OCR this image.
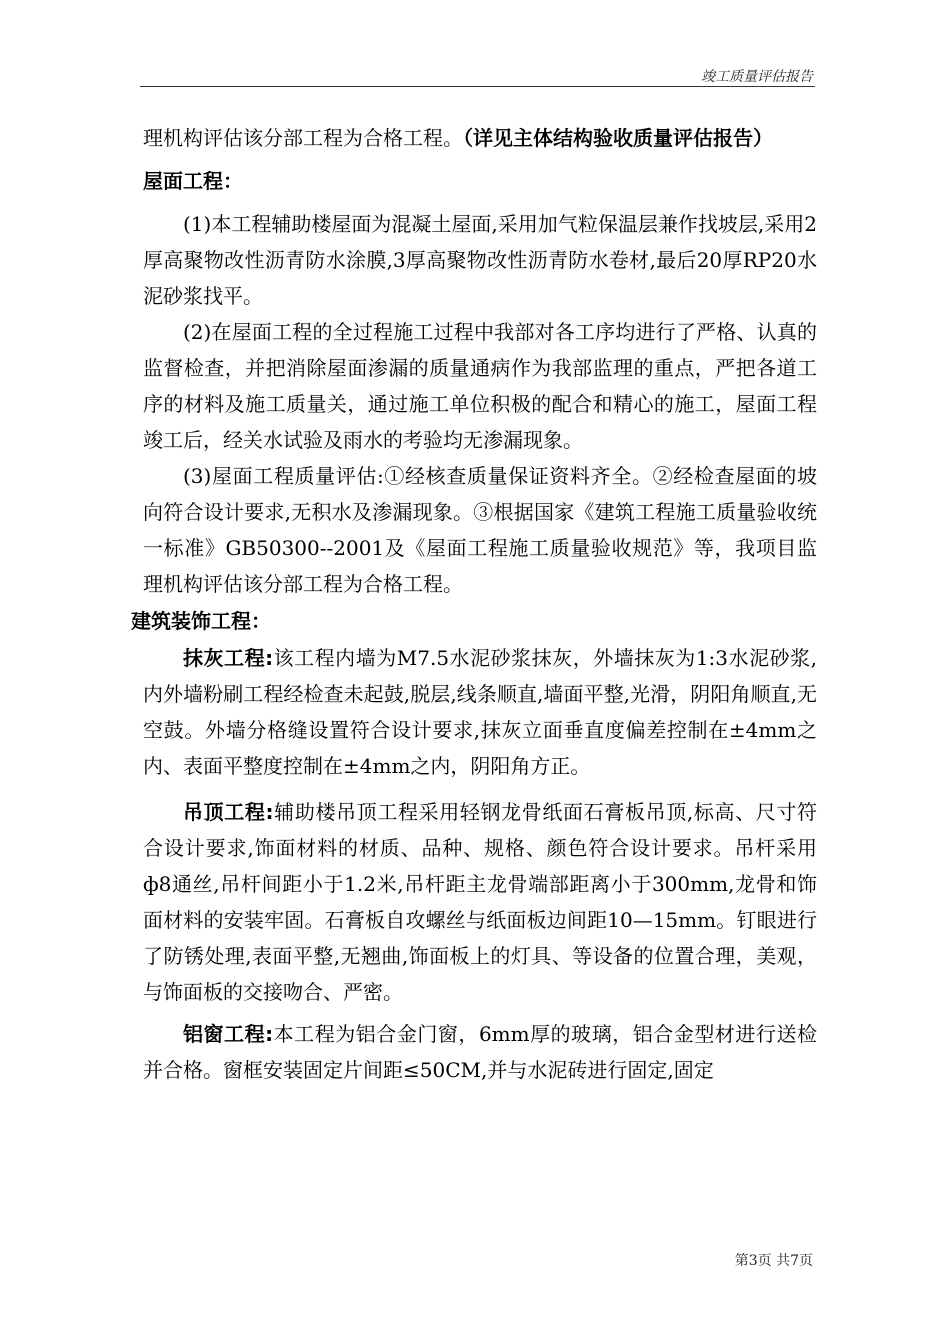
竣工质量评估报告

理机构评估该分部工程为合格工程。（详见主体结构验收质量评估报告）

屋面工程：

(1)本工程辅助楼屋面为混凝土屋面,采用加气粒保温层兼作找坡层,采用2厚高聚物改性沥青防水涂膜,3厚高聚物改性沥青防水卷材,最后20厚RP20水泥砂浆找平。

(2)在屋面工程的全过程施工过程中我部对各工序均进行了严格、认真的监督检查，并把消除屋面渗漏的质量通病作为我部监理的重点，严把各道工序的材料及施工质量关，通过施工单位积极的配合和精心的施工，屋面工程竣工后，经关水试验及雨水的考验均无渗漏现象。

(3)屋面工程质量评估:①经核查质量保证资料齐全。②经检查屋面的坡向符合设计要求,无积水及渗漏现象。③根据国家《建筑工程施工质量验收统一标准》GB50300--2001及《屋面工程施工质量验收规范》等，我项目监理机构评估该分部工程为合格工程。

建筑装饰工程：

抹灰工程:该工程内墙为M7.5水泥砂浆抹灰，外墙抹灰为1:3水泥砂浆,内外墙粉刷工程经检查未起鼓,脱层,线条顺直,墙面平整,光滑，阴阳角顺直,无空鼓。外墙分格缝设置符合设计要求,抹灰立面垂直度偏差控制在±4mm之内、表面平整度控制在±4mm之内，阴阳角方正。

吊顶工程:辅助楼吊顶工程采用轻钢龙骨纸面石膏板吊顶,标高、尺寸符合设计要求,饰面材料的材质、品种、规格、颜色符合设计要求。吊杆采用 ф8通丝,吊杆间距小于1.2米,吊杆距主龙骨端部距离小于300mm,龙骨和饰面材料的安装牢固。石膏板自攻螺丝与纸面板边间距10—15mm。钉眼进行了防锈处理,表面平整,无翘曲,饰面板上的灯具、等设备的位置合理，美观，与饰面板的交接吻合、严密。

铝窗工程:本工程为铝合金门窗，6mm厚的玻璃，铝合金型材进行送检并合格。窗框安装固定片间距≤50CM,并与水泥砖进行固定,固定

第3页 共7页
